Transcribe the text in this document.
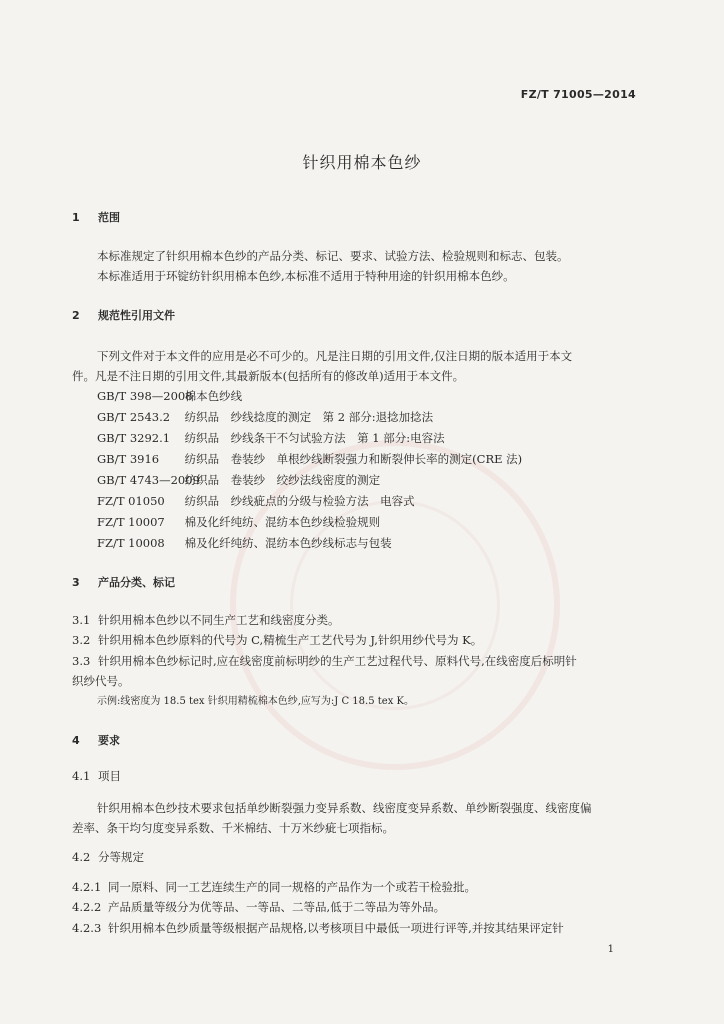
FZ/T 71005—2014
针织用棉本色纱
1 范围
本标准规定了针织用棉本色纱的产品分类、标记、要求、试验方法、检验规则和标志、包装。
本标准适用于环锭纺针织用棉本色纱,本标准不适用于特种用途的针织用棉本色纱。
2 规范性引用文件
下列文件对于本文件的应用是必不可少的。凡是注日期的引用文件,仅注日期的版本适用于本文
件。凡是不注日期的引用文件,其最新版本(包括所有的修改单)适用于本文件。
GB/T 398—2008 棉本色纱线
GB/T 2543.2 纺织品　纱线捻度的测定　第 2 部分:退捻加捻法
GB/T 3292.1 纺织品　纱线条干不匀试验方法　第 1 部分:电容法
GB/T 3916 纺织品　卷装纱　单根纱线断裂强力和断裂伸长率的测定(CRE 法)
GB/T 4743—2009 纺织品　卷装纱　绞纱法线密度的测定
FZ/T 01050 纺织品　纱线疵点的分级与检验方法　电容式
FZ/T 10007 棉及化纤纯纺、混纺本色纱线检验规则
FZ/T 10008 棉及化纤纯纺、混纺本色纱线标志与包装
3 产品分类、标记
3.1 针织用棉本色纱以不同生产工艺和线密度分类。
3.2 针织用棉本色纱原料的代号为 C,精梳生产工艺代号为 J,针织用纱代号为 K。
3.3 针织用棉本色纱标记时,应在线密度前标明纱的生产工艺过程代号、原料代号,在线密度后标明针
织纱代号。
示例:线密度为 18.5 tex 针织用精梳棉本色纱,应写为:J C 18.5 tex K。
4 要求
4.1 项目
针织用棉本色纱技术要求包括单纱断裂强力变异系数、线密度变异系数、单纱断裂强度、线密度偏
差率、条干均匀度变异系数、千米棉结、十万米纱疵七项指标。
4.2 分等规定
4.2.1 同一原料、同一工艺连续生产的同一规格的产品作为一个或若干检验批。
4.2.2 产品质量等级分为优等品、一等品、二等品,低于二等品为等外品。
4.2.3 针织用棉本色纱质量等级根据产品规格,以考核项目中最低一项进行评等,并按其结果评定针
1
